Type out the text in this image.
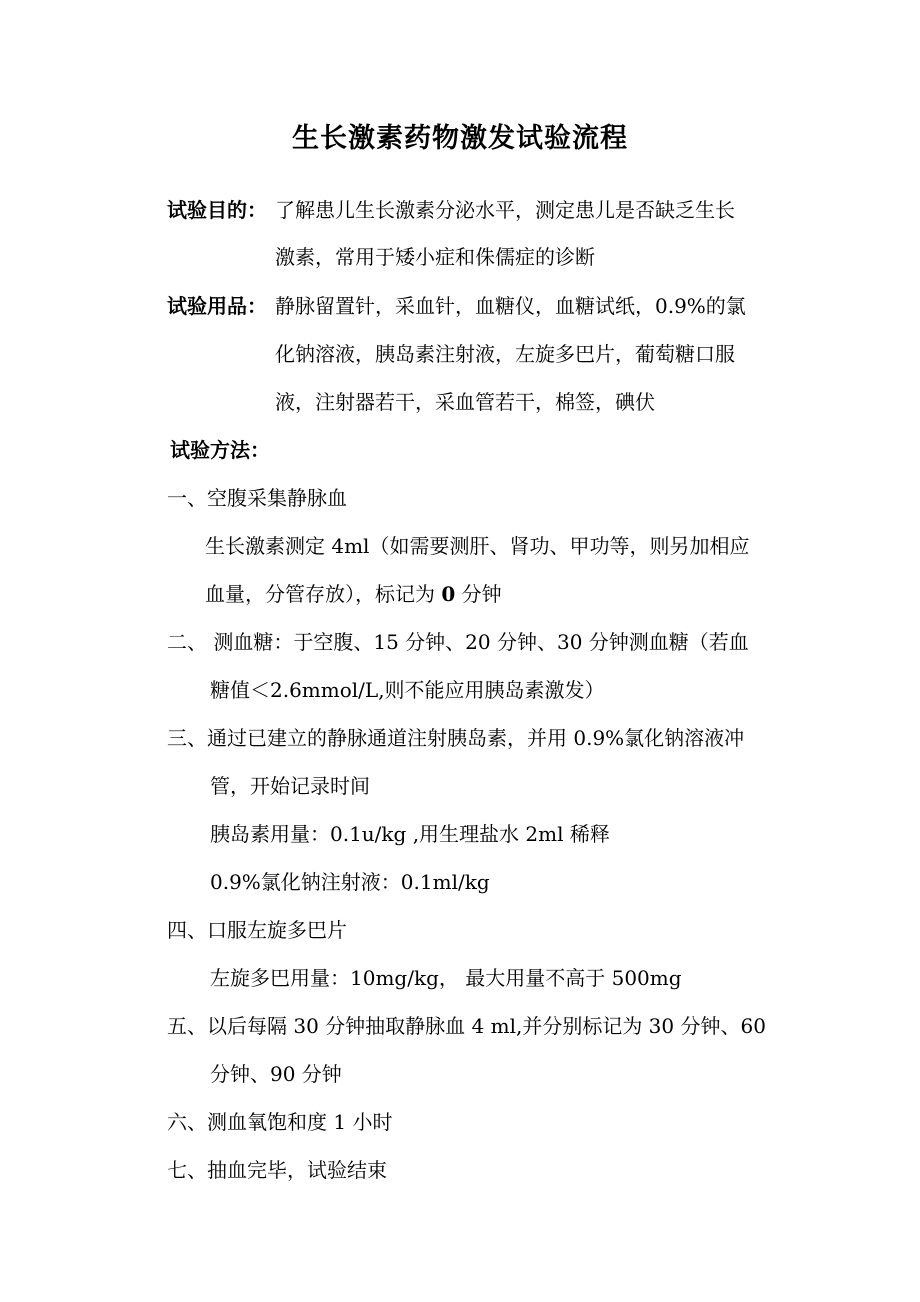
生长激素药物激发试验流程
试验目的： 了解患儿生长激素分泌水平，测定患儿是否缺乏生长
激素，常用于矮小症和侏儒症的诊断
试验用品： 静脉留置针，采血针，血糖仪，血糖试纸，0.9%的氯
化钠溶液，胰岛素注射液，左旋多巴片，葡萄糖口服
液，注射器若干，采血管若干，棉签，碘伏
试验方法：
一、空腹采集静脉血
生长激素测定 4ml（如需要测肝、肾功、甲功等，则另加相应
血量，分管存放），标记为 0 分钟
二、 测血糖：于空腹、15 分钟、20 分钟、30 分钟测血糖（若血
糖值＜2.6mmol/L,则不能应用胰岛素激发）
三、通过已建立的静脉通道注射胰岛素，并用 0.9%氯化钠溶液冲
管，开始记录时间
胰岛素用量：0.1u/kg ,用生理盐水 2ml 稀释
0.9%氯化钠注射液：0.1ml/kg
四、口服左旋多巴片
左旋多巴用量：10mg/kg， 最大用量不高于 500mg
五、以后每隔 30 分钟抽取静脉血 4 ml,并分别标记为 30 分钟、60
分钟、90 分钟
六、测血氧饱和度 1 小时
七、抽血完毕，试验结束
